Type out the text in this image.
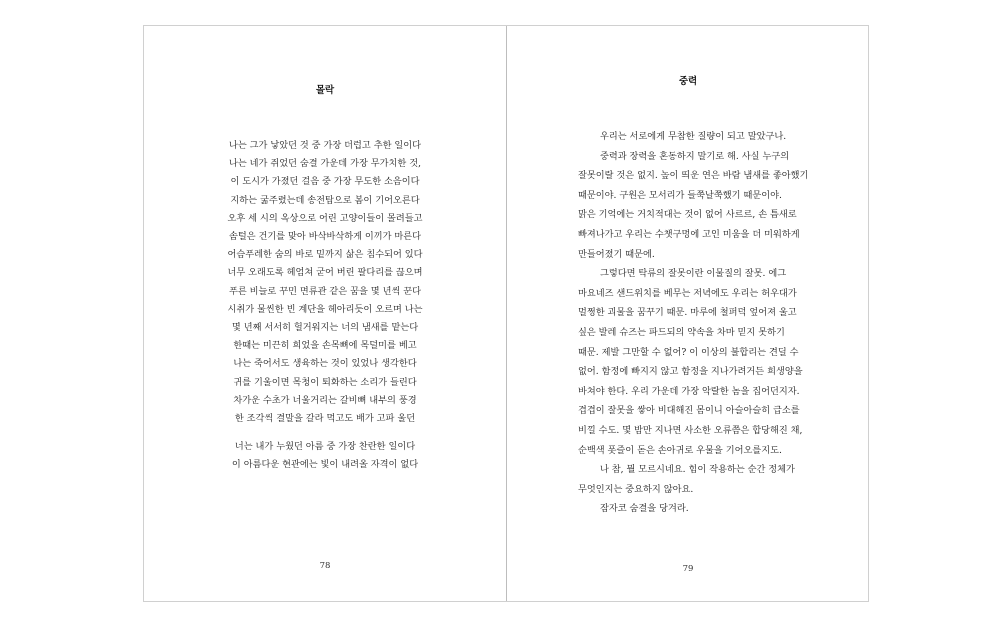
몰락
나는 그가 낳았던 것 중 가장 더럽고 추한 일이다
나는 네가 쥐었던 숨결 가운데 가장 무가치한 것,
이 도시가 가졌던 걸음 중 가장 무도한 소음이다
지하는 굶주렸는데 송전탑으로 봄이 기어오른다
오후 세 시의 옥상으로 어린 고양이들이 몰려들고
솜털은 건기를 맞아 바삭바삭하게 이끼가 마른다
어슴푸레한 숨의 바로 밑까지 삶은 침수되어 있다
너무 오래도록 헤엄쳐 굳어 버린 팔다리를 끊으며
푸른 비늘로 꾸민 면류관 같은 꿈을 몇 년씩 꾼다
시취가 물씬한 빈 계단을 헤아리듯이 오르며 나는
몇 년째 서서히 헐거워지는 너의 냄새를 맡는다
한때는 미끈히 희었을 손목뼈에 목덜미를 베고
나는 죽어서도 생육하는 것이 있었나 생각한다
귀를 기울이면 목청이 퇴화하는 소리가 들린다
차가운 수초가 너울거리는 갈비뼈 내부의 풍경
한 조각씩 결말을 갈라 먹고도 배가 고파 울던
너는 내가 누웠던 아름 중 가장 찬란한 일이다
이 아름다운 현관에는 빛이 내려올 자격이 없다
78
중력
우리는 서로에게 무참한 질량이 되고 말았구나.
중력과 장력을 혼동하지 말기로 해. 사실 누구의
잘못이랄 것은 없지. 높이 띄운 연은 바람 냄새를 좋아했기
때문이야. 구원은 모서리가 들쭉날쭉했기 때문이야.
맑은 기억에는 거치적대는 것이 없어 사르르, 손 틈새로
빠져나가고 우리는 수챗구멍에 고인 미움을 더 미워하게
만들어졌기 때문에.
그렇다면 탁류의 잘못이란 이물질의 잘못. 에그
마요네즈 샌드위치를 베무는 저녁에도 우리는 허우대가
멀쩡한 괴물을 꿈꾸기 때문. 마루에 철퍼덕 엎어져 울고
싶은 발레 슈즈는 파드되의 약속을 차마 믿지 못하기
때문. 제발 그만할 수 없어? 이 이상의 불합리는 견딜 수
없어. 함정에 빠지지 않고 함정을 지나가려거든 희생양을
바쳐야 한다. 우리 가운데 가장 악랄한 놈을 집어던지자.
겹겹이 잘못을 쌓아 비대해진 몸이니 아슬아슬히 급소를
비낄 수도. 몇 밤만 지나면 사소한 오류쯤은 합당해진 채,
순백색 폿즐이 돋은 손아귀로 우물을 기어오를지도.
나 참, 뭘 모르시네요. 힘이 작용하는 순간 정체가
무엇인지는 중요하지 않아요.
잠자코 숨결을 당겨라.
79
